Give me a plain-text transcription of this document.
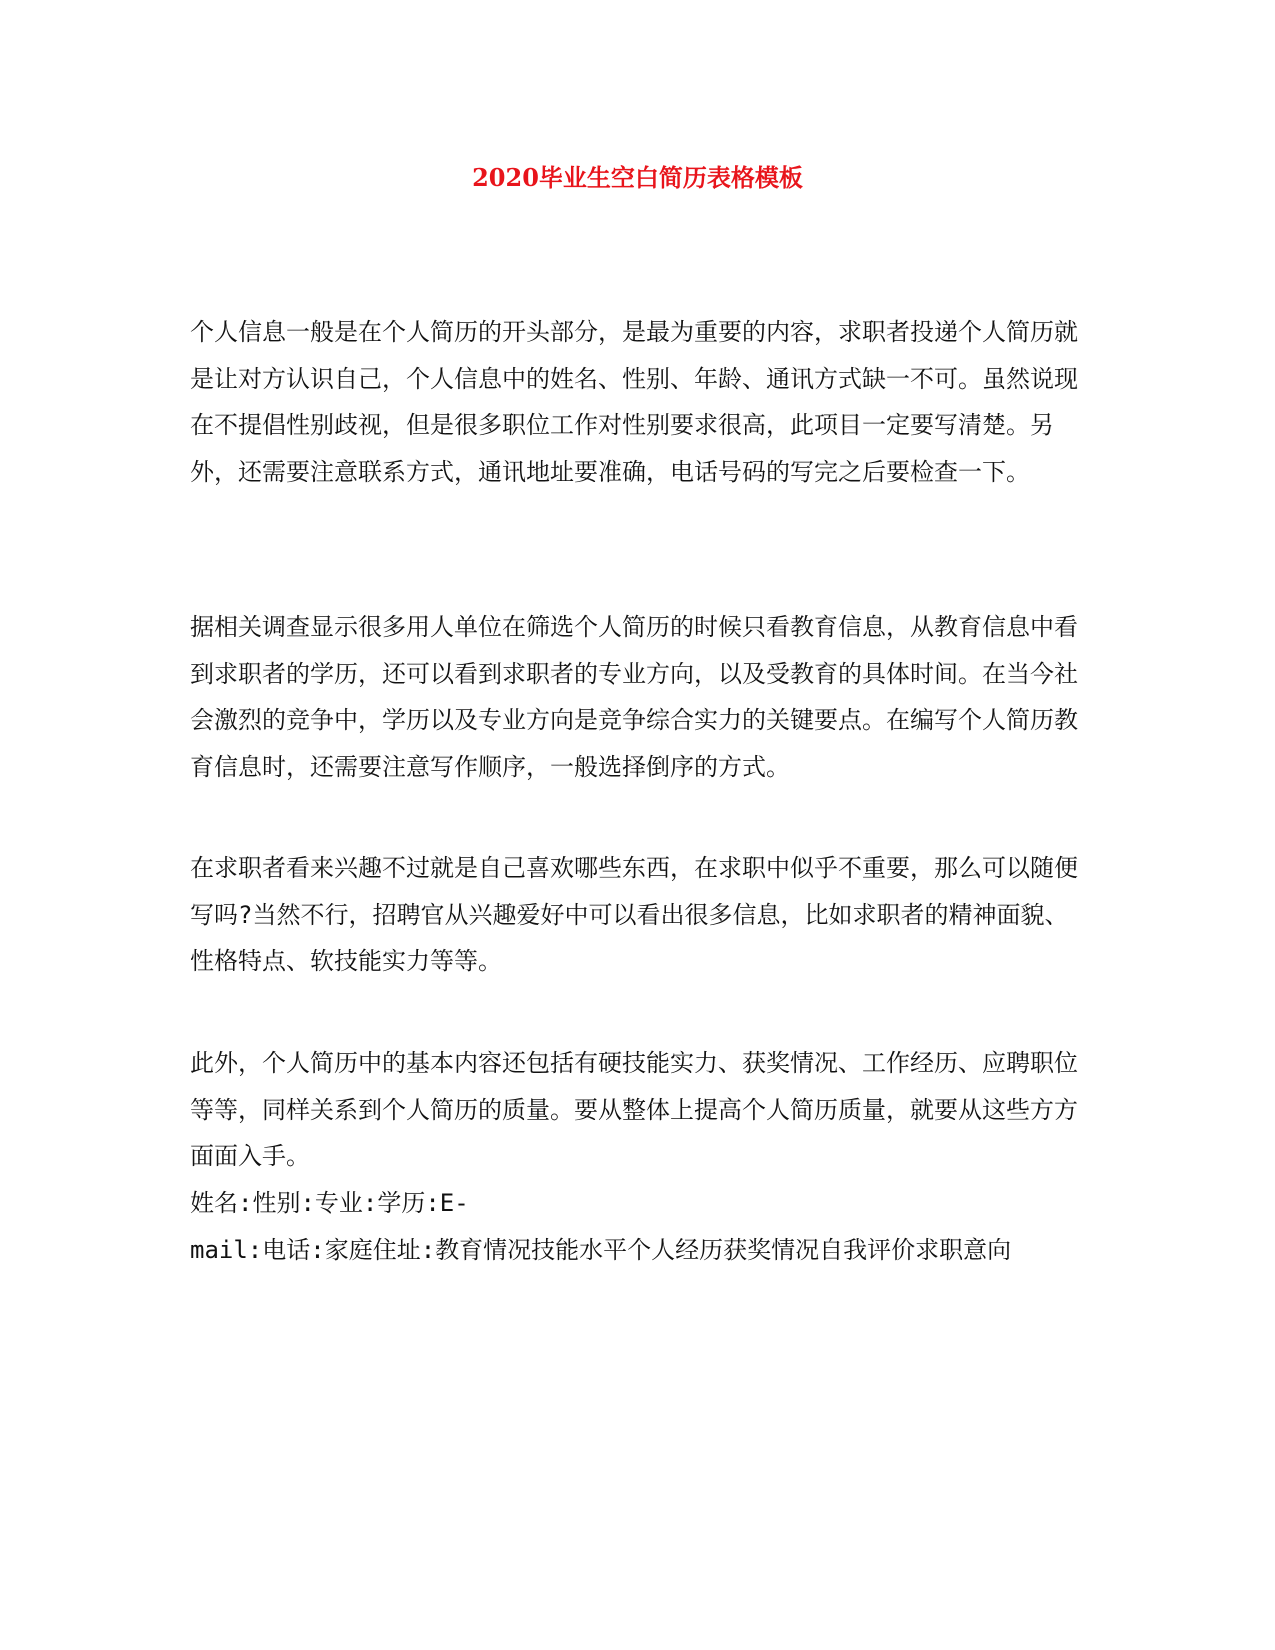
2020毕业生空白简历表格模板

个人信息一般是在个人简历的开头部分，是最为重要的内容，求职者投递个人简历就是让对方认识自己，个人信息中的姓名、性别、年龄、通讯方式缺一不可。虽然说现在不提倡性别歧视，但是很多职位工作对性别要求很高，此项目一定要写清楚。另外，还需要注意联系方式，通讯地址要准确，电话号码的写完之后要检查一下。

据相关调查显示很多用人单位在筛选个人简历的时候只看教育信息，从教育信息中看到求职者的学历，还可以看到求职者的专业方向，以及受教育的具体时间。在当今社会激烈的竞争中，学历以及专业方向是竞争综合实力的关键要点。在编写个人简历教育信息时，还需要注意写作顺序，一般选择倒序的方式。

在求职者看来兴趣不过就是自己喜欢哪些东西，在求职中似乎不重要，那么可以随便写吗?当然不行，招聘官从兴趣爱好中可以看出很多信息，比如求职者的精神面貌、性格特点、软技能实力等等。

此外，个人简历中的基本内容还包括有硬技能实力、获奖情况、工作经历、应聘职位等等，同样关系到个人简历的质量。要从整体上提高个人简历质量，就要从这些方方面面入手。

姓名:性别:专业:学历:E-
mail:电话:家庭住址:教育情况技能水平个人经历获奖情况自我评价求职意向
